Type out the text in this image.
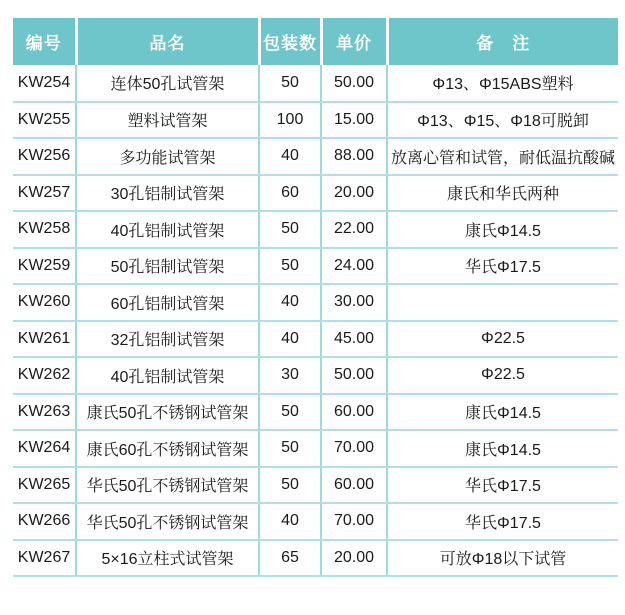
编号	品名	包装数	单价	备　注
KW254	连体50孔试管架	50	50.00	Φ13、Φ15ABS塑料
KW255	塑料试管架	100	15.00	Φ13、Φ15、Φ18可脱卸
KW256	多功能试管架	40	88.00	放离心管和试管，耐低温抗酸碱
KW257	30孔铝制试管架	60	20.00	康氏和华氏两种
KW258	40孔铝制试管架	50	22.00	康氏Φ14.5
KW259	50孔铝制试管架	50	24.00	华氏Φ17.5
KW260	60孔铝制试管架	40	30.00	
KW261	32孔铝制试管架	40	45.00	Φ22.5
KW262	40孔铝制试管架	30	50.00	Φ22.5
KW263	康氏50孔不锈钢试管架	50	60.00	康氏Φ14.5
KW264	康氏60孔不锈钢试管架	50	70.00	康氏Φ14.5
KW265	华氏50孔不锈钢试管架	50	60.00	华氏Φ17.5
KW266	华氏50孔不锈钢试管架	40	70.00	华氏Φ17.5
KW267	5×16立柱式试管架	65	20.00	可放Φ18以下试管
